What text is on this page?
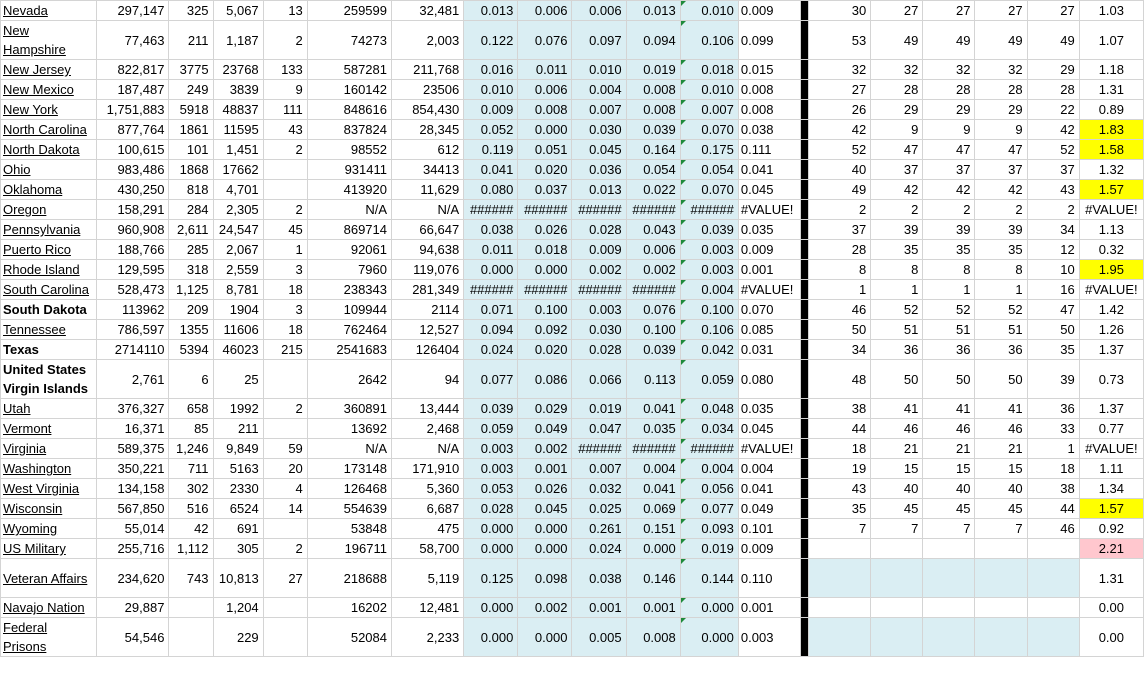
Nevada	297,147	325	5,067	13	259599	32,481	0.013	0.006	0.006	0.013	0.010	0.009		30	27	27	27	27	1.03
New Hampshire	77,463	211	1,187	2	74273	2,003	0.122	0.076	0.097	0.094	0.106	0.099		53	49	49	49	49	1.07
New Jersey	822,817	3775	23768	133	587281	211,768	0.016	0.011	0.010	0.019	0.018	0.015		32	32	32	32	29	1.18
New Mexico	187,487	249	3839	9	160142	23506	0.010	0.006	0.004	0.008	0.010	0.008		27	28	28	28	28	1.31
New York	1,751,883	5918	48837	111	848616	854,430	0.009	0.008	0.007	0.008	0.007	0.008		26	29	29	29	22	0.89
North Carolina	877,764	1861	11595	43	837824	28,345	0.052	0.000	0.030	0.039	0.070	0.038		42	9	9	9	42	1.83
North Dakota	100,615	101	1,451	2	98552	612	0.119	0.051	0.045	0.164	0.175	0.111		52	47	47	47	52	1.58
Ohio	983,486	1868	17662		931411	34413	0.041	0.020	0.036	0.054	0.054	0.041		40	37	37	37	37	1.32
Oklahoma	430,250	818	4,701		413920	11,629	0.080	0.037	0.013	0.022	0.070	0.045		49	42	42	42	43	1.57
Oregon	158,291	284	2,305	2	N/A	N/A	######	######	######	######	######	#VALUE!		2	2	2	2	2	#VALUE!
Pennsylvania	960,908	2,611	24,547	45	869714	66,647	0.038	0.026	0.028	0.043	0.039	0.035		37	39	39	39	34	1.13
Puerto Rico	188,766	285	2,067	1	92061	94,638	0.011	0.018	0.009	0.006	0.003	0.009		28	35	35	35	12	0.32
Rhode Island	129,595	318	2,559	3	7960	119,076	0.000	0.000	0.002	0.002	0.003	0.001		8	8	8	8	10	1.95
South Carolina	528,473	1,125	8,781	18	238343	281,349	######	######	######	######	0.004	#VALUE!		1	1	1	1	16	#VALUE!
South Dakota	113962	209	1904	3	109944	2114	0.071	0.100	0.003	0.076	0.100	0.070		46	52	52	52	47	1.42
Tennessee	786,597	1355	11606	18	762464	12,527	0.094	0.092	0.030	0.100	0.106	0.085		50	51	51	51	50	1.26
Texas	2714110	5394	46023	215	2541683	126404	0.024	0.020	0.028	0.039	0.042	0.031		34	36	36	36	35	1.37
United States Virgin Islands	2,761	6	25		2642	94	0.077	0.086	0.066	0.113	0.059	0.080		48	50	50	50	39	0.73
Utah	376,327	658	1992	2	360891	13,444	0.039	0.029	0.019	0.041	0.048	0.035		38	41	41	41	36	1.37
Vermont	16,371	85	211		13692	2,468	0.059	0.049	0.047	0.035	0.034	0.045		44	46	46	46	33	0.77
Virginia	589,375	1,246	9,849	59	N/A	N/A	0.003	0.002	######	######	######	#VALUE!		18	21	21	21	1	#VALUE!
Washington	350,221	711	5163	20	173148	171,910	0.003	0.001	0.007	0.004	0.004	0.004		19	15	15	15	18	1.11
West Virginia	134,158	302	2330	4	126468	5,360	0.053	0.026	0.032	0.041	0.056	0.041		43	40	40	40	38	1.34
Wisconsin	567,850	516	6524	14	554639	6,687	0.028	0.045	0.025	0.069	0.077	0.049		35	45	45	45	44	1.57
Wyoming	55,014	42	691		53848	475	0.000	0.000	0.261	0.151	0.093	0.101		7	7	7	7	46	0.92
US Military	255,716	1,112	305	2	196711	58,700	0.000	0.000	0.024	0.000	0.019	0.009							2.21
Veteran Affairs	234,620	743	10,813	27	218688	5,119	0.125	0.098	0.038	0.146	0.144	0.110							1.31
Navajo Nation	29,887		1,204		16202	12,481	0.000	0.002	0.001	0.001	0.000	0.001							0.00
Federal Prisons	54,546		229		52084	2,233	0.000	0.000	0.005	0.008	0.000	0.003							0.00
